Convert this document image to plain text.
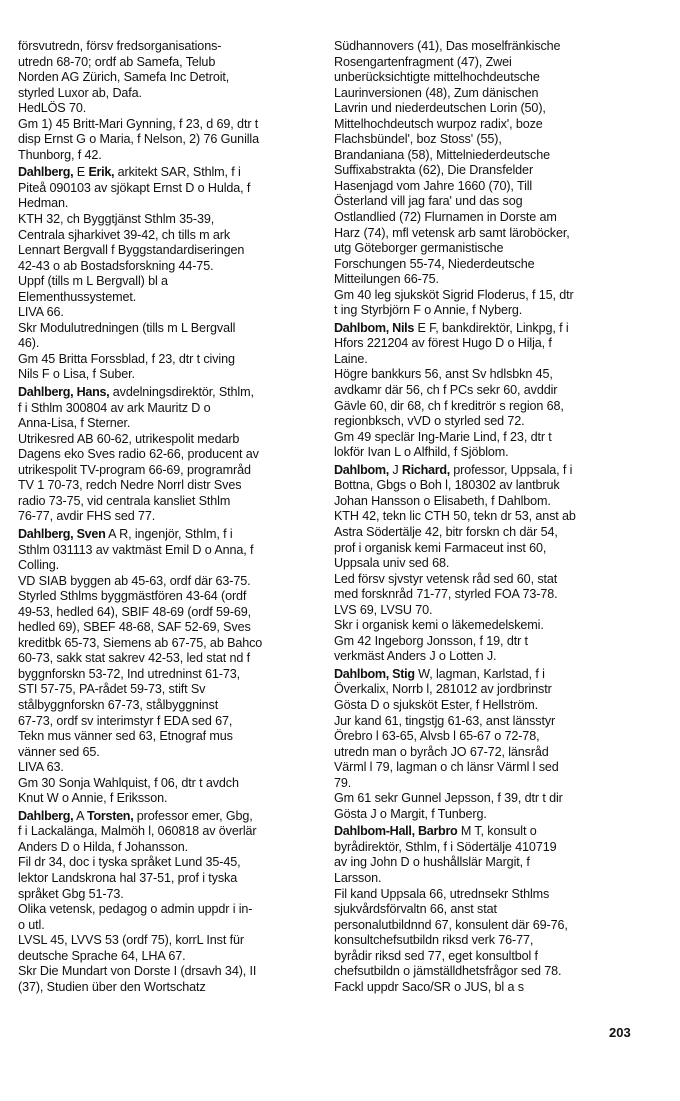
försvutredn, försv fredsorganisations-

utredn 68-70; ordf ab Samefa, Telub

Norden AG Zürich, Samefa Inc Detroit,

styrled Luxor ab, Dafa.

HedLÖS 70.

Gm 1) 45 Britt-Mari Gynning, f 23, d 69, dtr t

disp Ernst G o Maria, f Nelson, 2) 76 Gunilla

Thunborg, f 42.

Dahlberg, E Erik, arkitekt SAR, Sthlm, f i

Piteå 090103 av sjökapt Ernst D o Hulda, f

Hedman.

KTH 32, ch Byggtjänst Sthlm 35-39,

Centrala sjharkivet 39-42, ch tills m ark

Lennart Bergvall f Byggstandardiseringen

42-43 o ab Bostadsforskning 44-75.

Uppf (tills m L Bergvall) bl a

Elementhussystemet.

LIVA 66.

Skr Modulutredningen (tills m L Bergvall

46).

Gm 45 Britta Forssblad, f 23, dtr t civing

Nils F o Lisa, f Suber.

Dahlberg, Hans, avdelningsdirektör, Sthlm,

f i Sthlm 300804 av ark Mauritz D o

Anna-Lisa, f Sterner.

Utrikesred AB 60-62, utrikespolit medarb

Dagens eko Sves radio 62-66, producent av

utrikespolit TV-program 66-69, programråd

TV 1 70-73, redch Nedre Norrl distr Sves

radio 73-75, vid centrala kansliet Sthlm

76-77, avdir FHS sed 77.

Dahlberg, Sven A R, ingenjör, Sthlm, f i

Sthlm 031113 av vaktmäst Emil D o Anna, f

Colling.

VD SIAB byggen ab 45-63, ordf där 63-75.

Styrled Sthlms byggmästfören 43-64 (ordf

49-53, hedled 64), SBIF 48-69 (ordf 59-69,

hedled 69), SBEF 48-68, SAF 52-69, Sves

kreditbk 65-73, Siemens ab 67-75, ab Bahco

60-73, sakk stat sakrev 42-53, led stat nd f

byggnforskn 53-72, Ind utredninst 61-73,

STI 57-75, PA-rådet 59-73, stift Sv

stålbyggnforskn 67-73, stålbyggninst

67-73, ordf sv interimstyr f EDA sed 67,

Tekn mus vänner sed 63, Etnograf mus

vänner sed 65.

LIVA 63.

Gm 30 Sonja Wahlquist, f 06, dtr t avdch

Knut W o Annie, f Eriksson.

Dahlberg, A Torsten, professor emer, Gbg,

f i Lackalänga, Malmöh l, 060818 av överlär

Anders D o Hilda, f Johansson.

Fil dr 34, doc i tyska språket Lund 35-45,

lektor Landskrona hal 37-51, prof i tyska

språket Gbg 51-73.

Olika vetensk, pedagog o admin uppdr i in-

o utl.

LVSL 45, LVVS 53 (ordf 75), korrL Inst für

deutsche Sprache 64, LHA 67.

Skr Die Mundart von Dorste I (drsavh 34), II

(37), Studien über den Wortschatz

Südhannovers (41), Das moselfränkische

Rosengartenfragment (47), Zwei

unberücksichtigte mittelhochdeutsche

Laurinversionen (48), Zum dänischen

Lavrin und niederdeutschen Lorin (50),

Mittelhochdeutsch wurpoz radix', boze

Flachsbündel', boz Stoss' (55),

Brandaniana (58), Mittelniederdeutsche

Suffixabstrakta (62), Die Dransfelder

Hasenjagd vom Jahre 1660 (70), Till

Österland vill jag fara' und das sog

Ostlandlied (72) Flurnamen in Dorste am

Harz (74), mfl vetensk arb samt läroböcker,

utg Göteborger germanistische

Forschungen 55-74, Niederdeutsche

Mitteilungen 66-75.

Gm 40 leg sjuksköt Sigrid Floderus, f 15, dtr

t ing Styrbjörn F o Annie, f Nyberg.

Dahlbom, Nils E F, bankdirektör, Linkpg, f i

Hfors 221204 av förest Hugo D o Hilja, f

Laine.

Högre bankkurs 56, anst Sv hdlsbkn 45,

avdkamr där 56, ch f PCs sekr 60, avddir

Gävle 60, dir 68, ch f kreditrör s region 68,

regionbksch, vVD o styrled sed 72.

Gm 49 speclär Ing-Marie Lind, f 23, dtr t

lokför Ivan L o Alfhild, f Sjöblom.

Dahlbom, J Richard, professor, Uppsala, f i

Bottna, Gbgs o Boh l, 180302 av lantbruk

Johan Hansson o Elisabeth, f Dahlbom.

KTH 42, tekn lic CTH 50, tekn dr 53, anst ab

Astra Södertälje 42, bitr forskn ch där 54,

prof i organisk kemi Farmaceut inst 60,

Uppsala univ sed 68.

Led försv sjvstyr vetensk råd sed 60, stat

med forsknråd 71-77, styrled FOA 73-78.

LVS 69, LVSU 70.

Skr i organisk kemi o läkemedelskemi.

Gm 42 Ingeborg Jonsson, f 19, dtr t

verkmäst Anders J o Lotten J.

Dahlbom, Stig W, lagman, Karlstad, f i

Överkalix, Norrb l, 281012 av jordbrinstr

Gösta D o sjuksköt Ester, f Hellström.

Jur kand 61, tingstjg 61-63, anst länsstyr

Örebro l 63-65, Alvsb l 65-67 o 72-78,

utredn man o byråch JO 67-72, länsråd

Värml l 79, lagman o ch länsr Värml l sed

79.

Gm 61 sekr Gunnel Jepsson, f 39, dtr t dir

Gösta J o Margit, f Tunberg.

Dahlbom-Hall, Barbro M T, konsult o

byrådirektör, Sthlm, f i Södertälje 410719

av ing John D o hushållslär Margit, f

Larsson.

Fil kand Uppsala 66, utrednsekr Sthlms

sjukvårdsförvaltn 66, anst stat

personalutbildnnd 67, konsulent där 69-76,

konsultchefsutbildn riksd verk 76-77,

byrådir riksd sed 77, eget konsultbol f

chefsutbildn o jämställdhetsfrågor sed 78.

Fackl uppdr Saco/SR o JUS, bl a s

203
